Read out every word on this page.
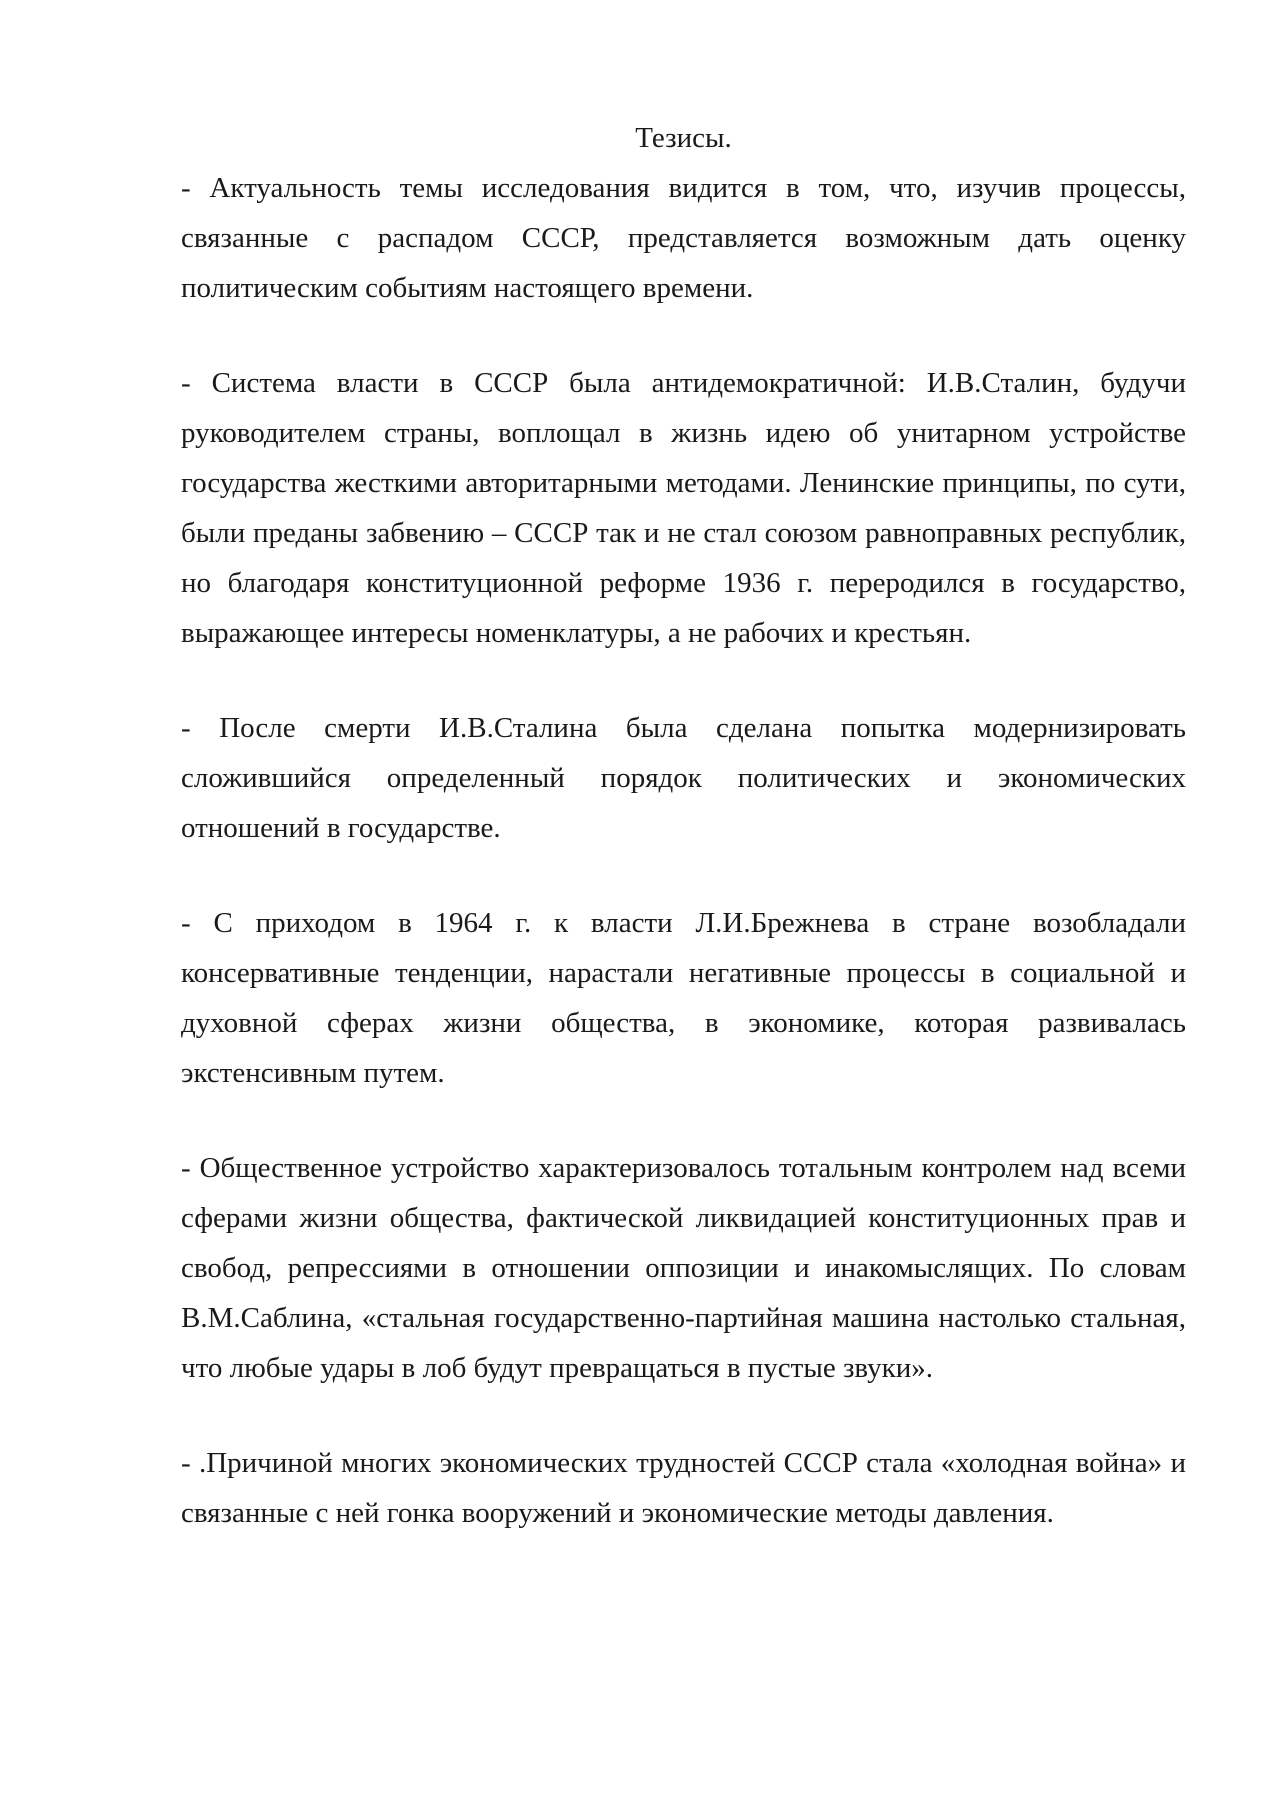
Тезисы.

- Актуальность темы исследования видится в том, что, изучив процессы, связанные с распадом СССР, представляется возможным дать оценку политическим событиям настоящего времени.

- Система власти в СССР была антидемократичной: И.В.Сталин, будучи руководителем страны, воплощал в жизнь идею об унитарном устройстве государства жесткими авторитарными методами. Ленинские принципы, по сути, были преданы забвению – СССР так и не стал союзом равноправных республик, но благодаря конституционной реформе 1936 г. переродился в государство, выражающее интересы номенклатуры, а не рабочих и крестьян.

- После смерти И.В.Сталина была сделана попытка модернизировать сложившийся определенный порядок политических и экономических отношений в государстве.

- С приходом в 1964 г. к власти Л.И.Брежнева в стране возобладали консервативные тенденции, нарастали негативные процессы в социальной и духовной сферах жизни общества, в экономике, которая развивалась экстенсивным путем.

- Общественное устройство характеризовалось тотальным контролем над всеми сферами жизни общества, фактической ликвидацией конституционных прав и свобод, репрессиями в отношении оппозиции и инакомыслящих. По словам В.М.Саблина, «стальная государственно-партийная машина настолько стальная, что любые удары в лоб будут превращаться в пустые звуки».

- .Причиной многих экономических трудностей СССР стала «холодная война» и связанные с ней гонка вооружений и экономические методы давления.
